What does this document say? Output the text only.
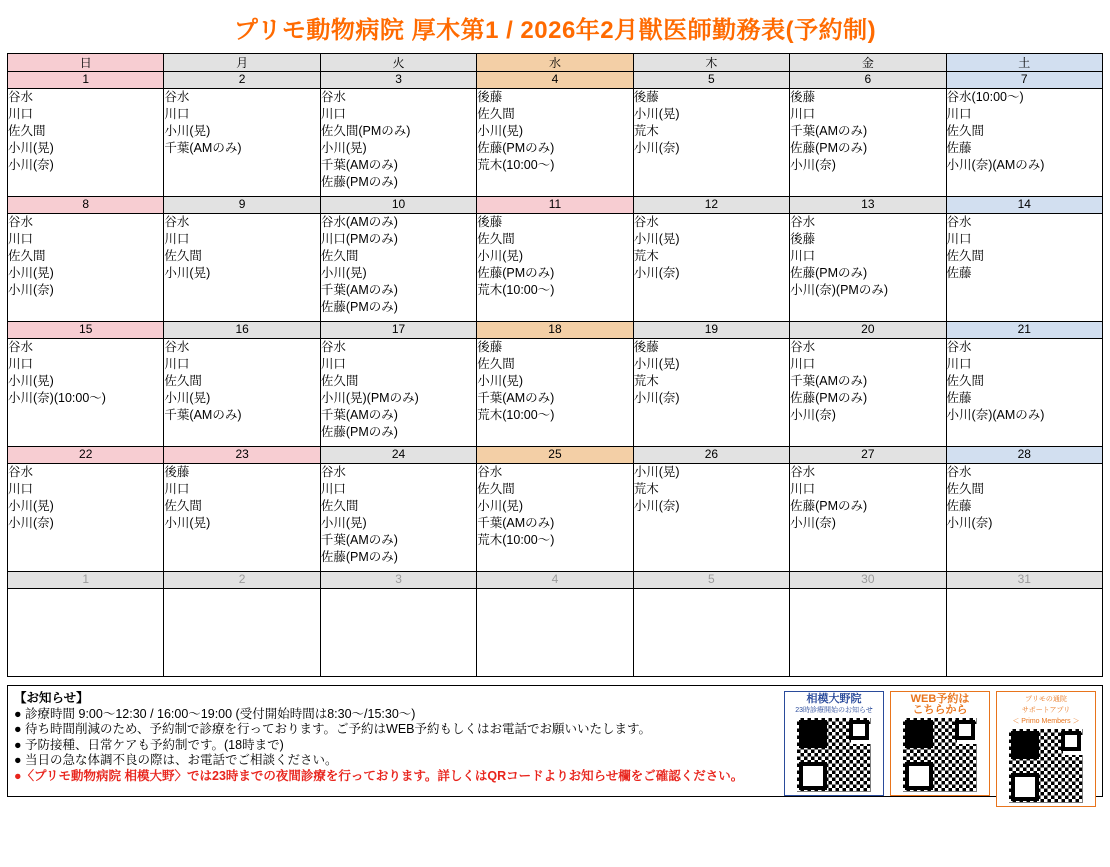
プリモ動物病院 厚木第1 / 2026年2月獣医師勤務表(予約制)
日	月	火	水	木	金	土
1	2	3	4	5	6	7

谷水
川口
佐久間
小川(晃)
小川(奈)

谷水
川口
小川(晃)
千葉(AMのみ)

谷水
川口
佐久間(PMのみ)
小川(晃)
千葉(AMのみ)
佐藤(PMのみ)

後藤
佐久間
小川(晃)
佐藤(PMのみ)
荒木(10:00〜)

後藤
小川(晃)
荒木
小川(奈)

後藤
川口
千葉(AMのみ)
佐藤(PMのみ)
小川(奈)

谷水(10:00〜)
川口
佐久間
佐藤
小川(奈)(AMのみ)

8	9	10	11	12	13	14

谷水
川口
佐久間
小川(晃)
小川(奈)

谷水
川口
佐久間
小川(晃)

谷水(AMのみ)
川口(PMのみ)
佐久間
小川(晃)
千葉(AMのみ)
佐藤(PMのみ)

後藤
佐久間
小川(晃)
佐藤(PMのみ)
荒木(10:00〜)

谷水
小川(晃)
荒木
小川(奈)

谷水
後藤
川口
佐藤(PMのみ)
小川(奈)(PMのみ)

谷水
川口
佐久間
佐藤

15	16	17	18	19	20	21

谷水
川口
小川(晃)
小川(奈)(10:00〜)

谷水
川口
佐久間
小川(晃)
千葉(AMのみ)

谷水
川口
佐久間
小川(晃)(PMのみ)
千葉(AMのみ)
佐藤(PMのみ)

後藤
佐久間
小川(晃)
千葉(AMのみ)
荒木(10:00〜)

後藤
小川(晃)
荒木
小川(奈)

谷水
川口
千葉(AMのみ)
佐藤(PMのみ)
小川(奈)

谷水
川口
佐久間
佐藤
小川(奈)(AMのみ)

22	23	24	25	26	27	28

谷水
川口
小川(晃)
小川(奈)

後藤
川口
佐久間
小川(晃)

谷水
川口
佐久間
小川(晃)
千葉(AMのみ)
佐藤(PMのみ)

谷水
佐久間
小川(晃)
千葉(AMのみ)
荒木(10:00〜)

小川(晃)
荒木
小川(奈)

谷水
川口
佐藤(PMのみ)
小川(奈)

谷水
佐久間
佐藤
小川(奈)

1	2	3	4	5	30	31

【お知らせ】
● 診療時間 9:00〜12:30 / 16:00〜19:00 (受付開始時間は8:30〜/15:30〜)
● 待ち時間削減のため、予約制で診療を行っております。ご予約はWEB予約もしくはお電話でお願いいたします。
● 予防接種、日常ケアも予約制です。(18時まで)
● 当日の急な体調不良の際は、お電話でご相談ください。
●〈プリモ動物病院 相模大野〉では23時までの夜間診療を行っております。詳しくはQRコードよりお知らせ欄をご確認ください。
相模大野院
23時診療開始のお知らせ
WEB予約は
こちらから
プリモの通院
サポートアプリ
＜ Primo Members ＞
